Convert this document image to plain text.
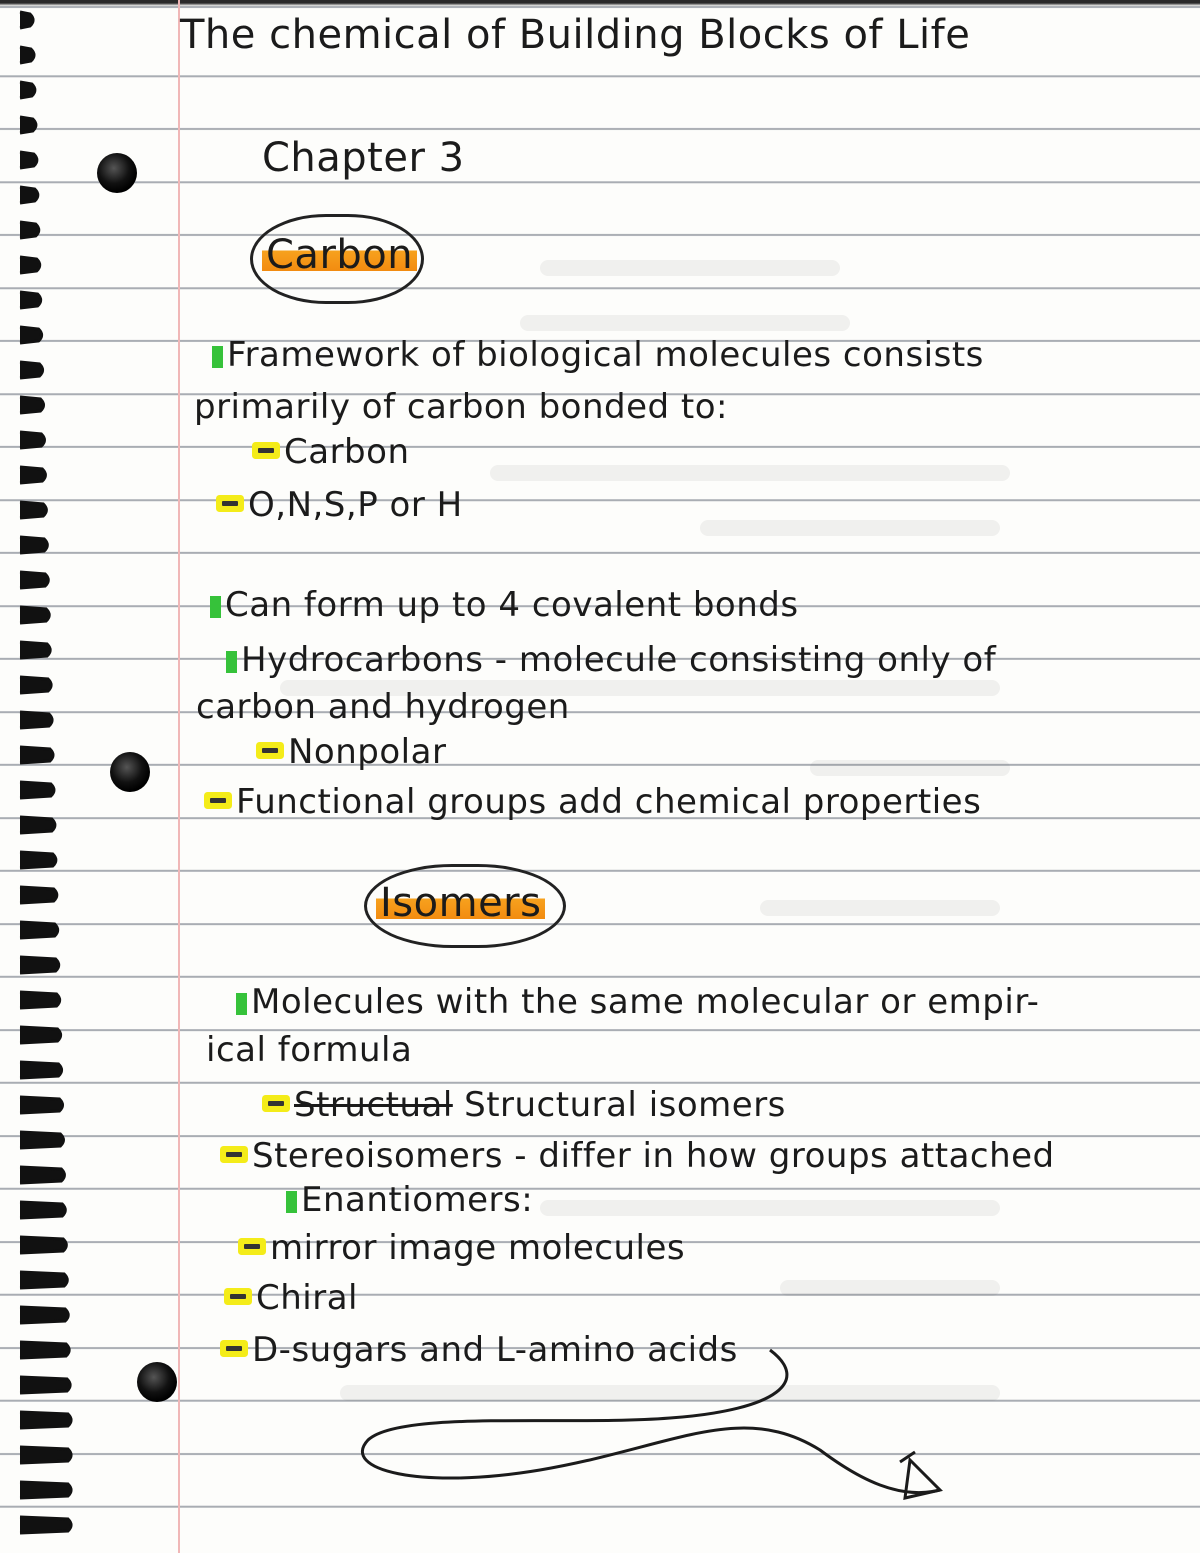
The chemical of Building Blocks of Life
Chapter 3
Carbon
Framework of biological molecules consists
primarily of carbon bonded to:
Carbon
O,N,S,P or H
Can form up to 4 covalent bonds
Hydrocarbons - molecule consisting only of
carbon and hydrogen
Nonpolar
Functional groups add chemical properties
Isomers
Molecules with the same molecular or empir-
ical formula
Structual Structural isomers
Stereoisomers - differ in how groups attached
Enantiomers:
mirror image molecules
Chiral
D-sugars and L-amino acids
